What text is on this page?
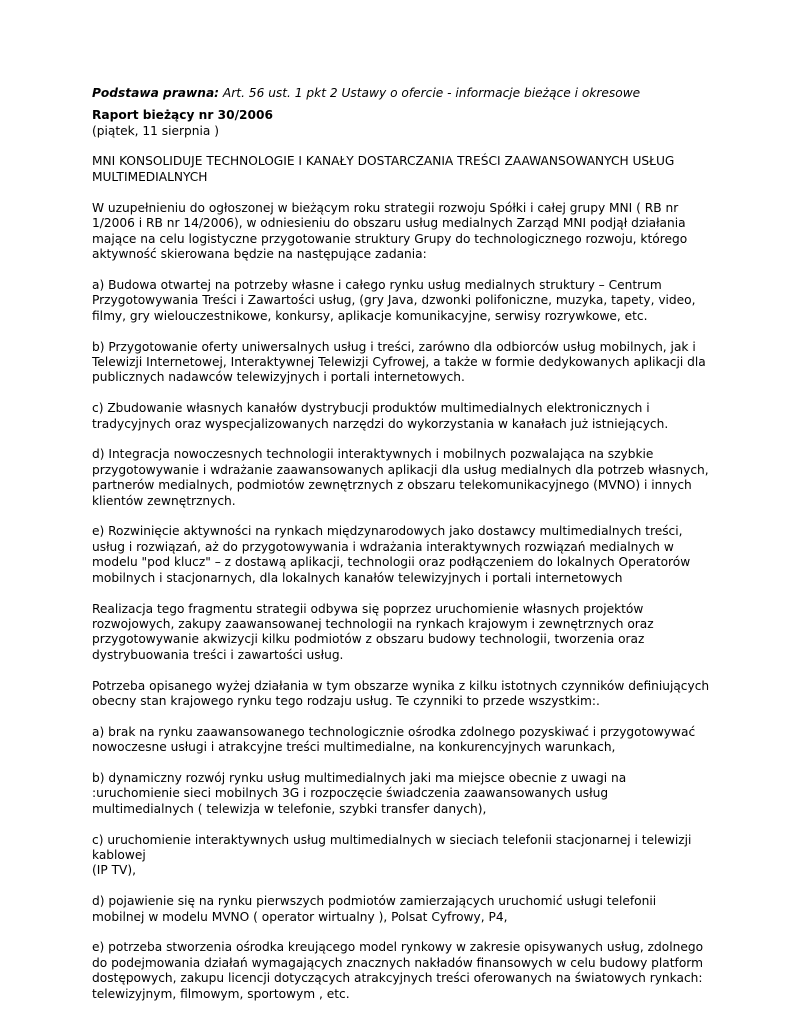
Podstawa prawna: Art. 56 ust. 1 pkt 2 Ustawy o ofercie - informacje bieżące i okresowe

Raport bieżący nr 30/2006

(piątek, 11 sierpnia )

MNI KONSOLIDUJE TECHNOLOGIE I KANAŁY DOSTARCZANIA TREŚCI ZAAWANSOWANYCH USŁUG MULTIMEDIALNYCH

W uzupełnieniu do ogłoszonej w bieżącym roku strategii rozwoju Spółki i całej grupy MNI ( RB nr 1/2006 i RB nr 14/2006), w odniesieniu do obszaru usług medialnych Zarząd MNI podjął działania mające na celu logistyczne przygotowanie struktury Grupy do technologicznego rozwoju, którego aktywność skierowana będzie na następujące zadania:

a) Budowa otwartej na potrzeby własne i całego rynku usług medialnych struktury – Centrum Przygotowywania Treści i Zawartości usług, (gry Java, dzwonki polifoniczne, muzyka, tapety, video, filmy, gry wielouczestnikowe, konkursy, aplikacje komunikacyjne, serwisy rozrywkowe, etc.

b) Przygotowanie oferty uniwersalnych usług i treści, zarówno dla odbiorców usług mobilnych, jak i Telewizji Internetowej, Interaktywnej Telewizji Cyfrowej, a także w formie dedykowanych aplikacji dla publicznych nadawców telewizyjnych i portali internetowych.

c) Zbudowanie własnych kanałów dystrybucji produktów multimedialnych elektronicznych i tradycyjnych oraz wyspecjalizowanych narzędzi do wykorzystania w kanałach już istniejących.

d) Integracja nowoczesnych technologii interaktywnych i mobilnych pozwalająca na szybkie przygotowywanie i wdrażanie zaawansowanych aplikacji dla usług medialnych dla potrzeb własnych, partnerów medialnych, podmiotów zewnętrznych z obszaru telekomunikacyjnego (MVNO) i innych klientów zewnętrznych.

e) Rozwinięcie aktywności na rynkach międzynarodowych jako dostawcy multimedialnych treści, usług i rozwiązań, aż do przygotowywania i wdrażania interaktywnych rozwiązań medialnych w modelu "pod klucz" – z dostawą aplikacji, technologii oraz podłączeniem do lokalnych Operatorów mobilnych i stacjonarnych, dla lokalnych kanałów telewizyjnych i portali internetowych

Realizacja tego fragmentu strategii odbywa się poprzez uruchomienie własnych projektów rozwojowych, zakupy zaawansowanej technologii na rynkach krajowym i zewnętrznych oraz przygotowywanie akwizycji kilku podmiotów z obszaru budowy technologii, tworzenia oraz dystrybuowania treści i zawartości usług.

Potrzeba opisanego wyżej działania w tym obszarze wynika z kilku istotnych czynników definiujących obecny stan krajowego rynku tego rodzaju usług. Te czynniki to przede wszystkim:.

a) brak na rynku zaawansowanego technologicznie ośrodka zdolnego pozyskiwać i przygotowywać nowoczesne usługi i atrakcyjne treści multimedialne, na konkurencyjnych warunkach,

b) dynamiczny rozwój rynku usług multimedialnych jaki ma miejsce obecnie z uwagi na :uruchomienie sieci mobilnych 3G i rozpoczęcie świadczenia zaawansowanych usług multimedialnych ( telewizja w telefonie, szybki transfer danych),

c) uruchomienie interaktywnych usług multimedialnych w sieciach telefonii stacjonarnej i telewizji kablowej
(IP TV),

d) pojawienie się na rynku pierwszych podmiotów zamierzających uruchomić usługi telefonii mobilnej w modelu MVNO ( operator wirtualny ), Polsat Cyfrowy, P4,

e) potrzeba stworzenia ośrodka kreującego model rynkowy w zakresie opisywanych usług, zdolnego do podejmowania działań wymagających znacznych nakładów finansowych w celu budowy platform dostępowych, zakupu licencji dotyczących atrakcyjnych treści oferowanych na światowych rynkach: telewizyjnym, filmowym, sportowym , etc.
